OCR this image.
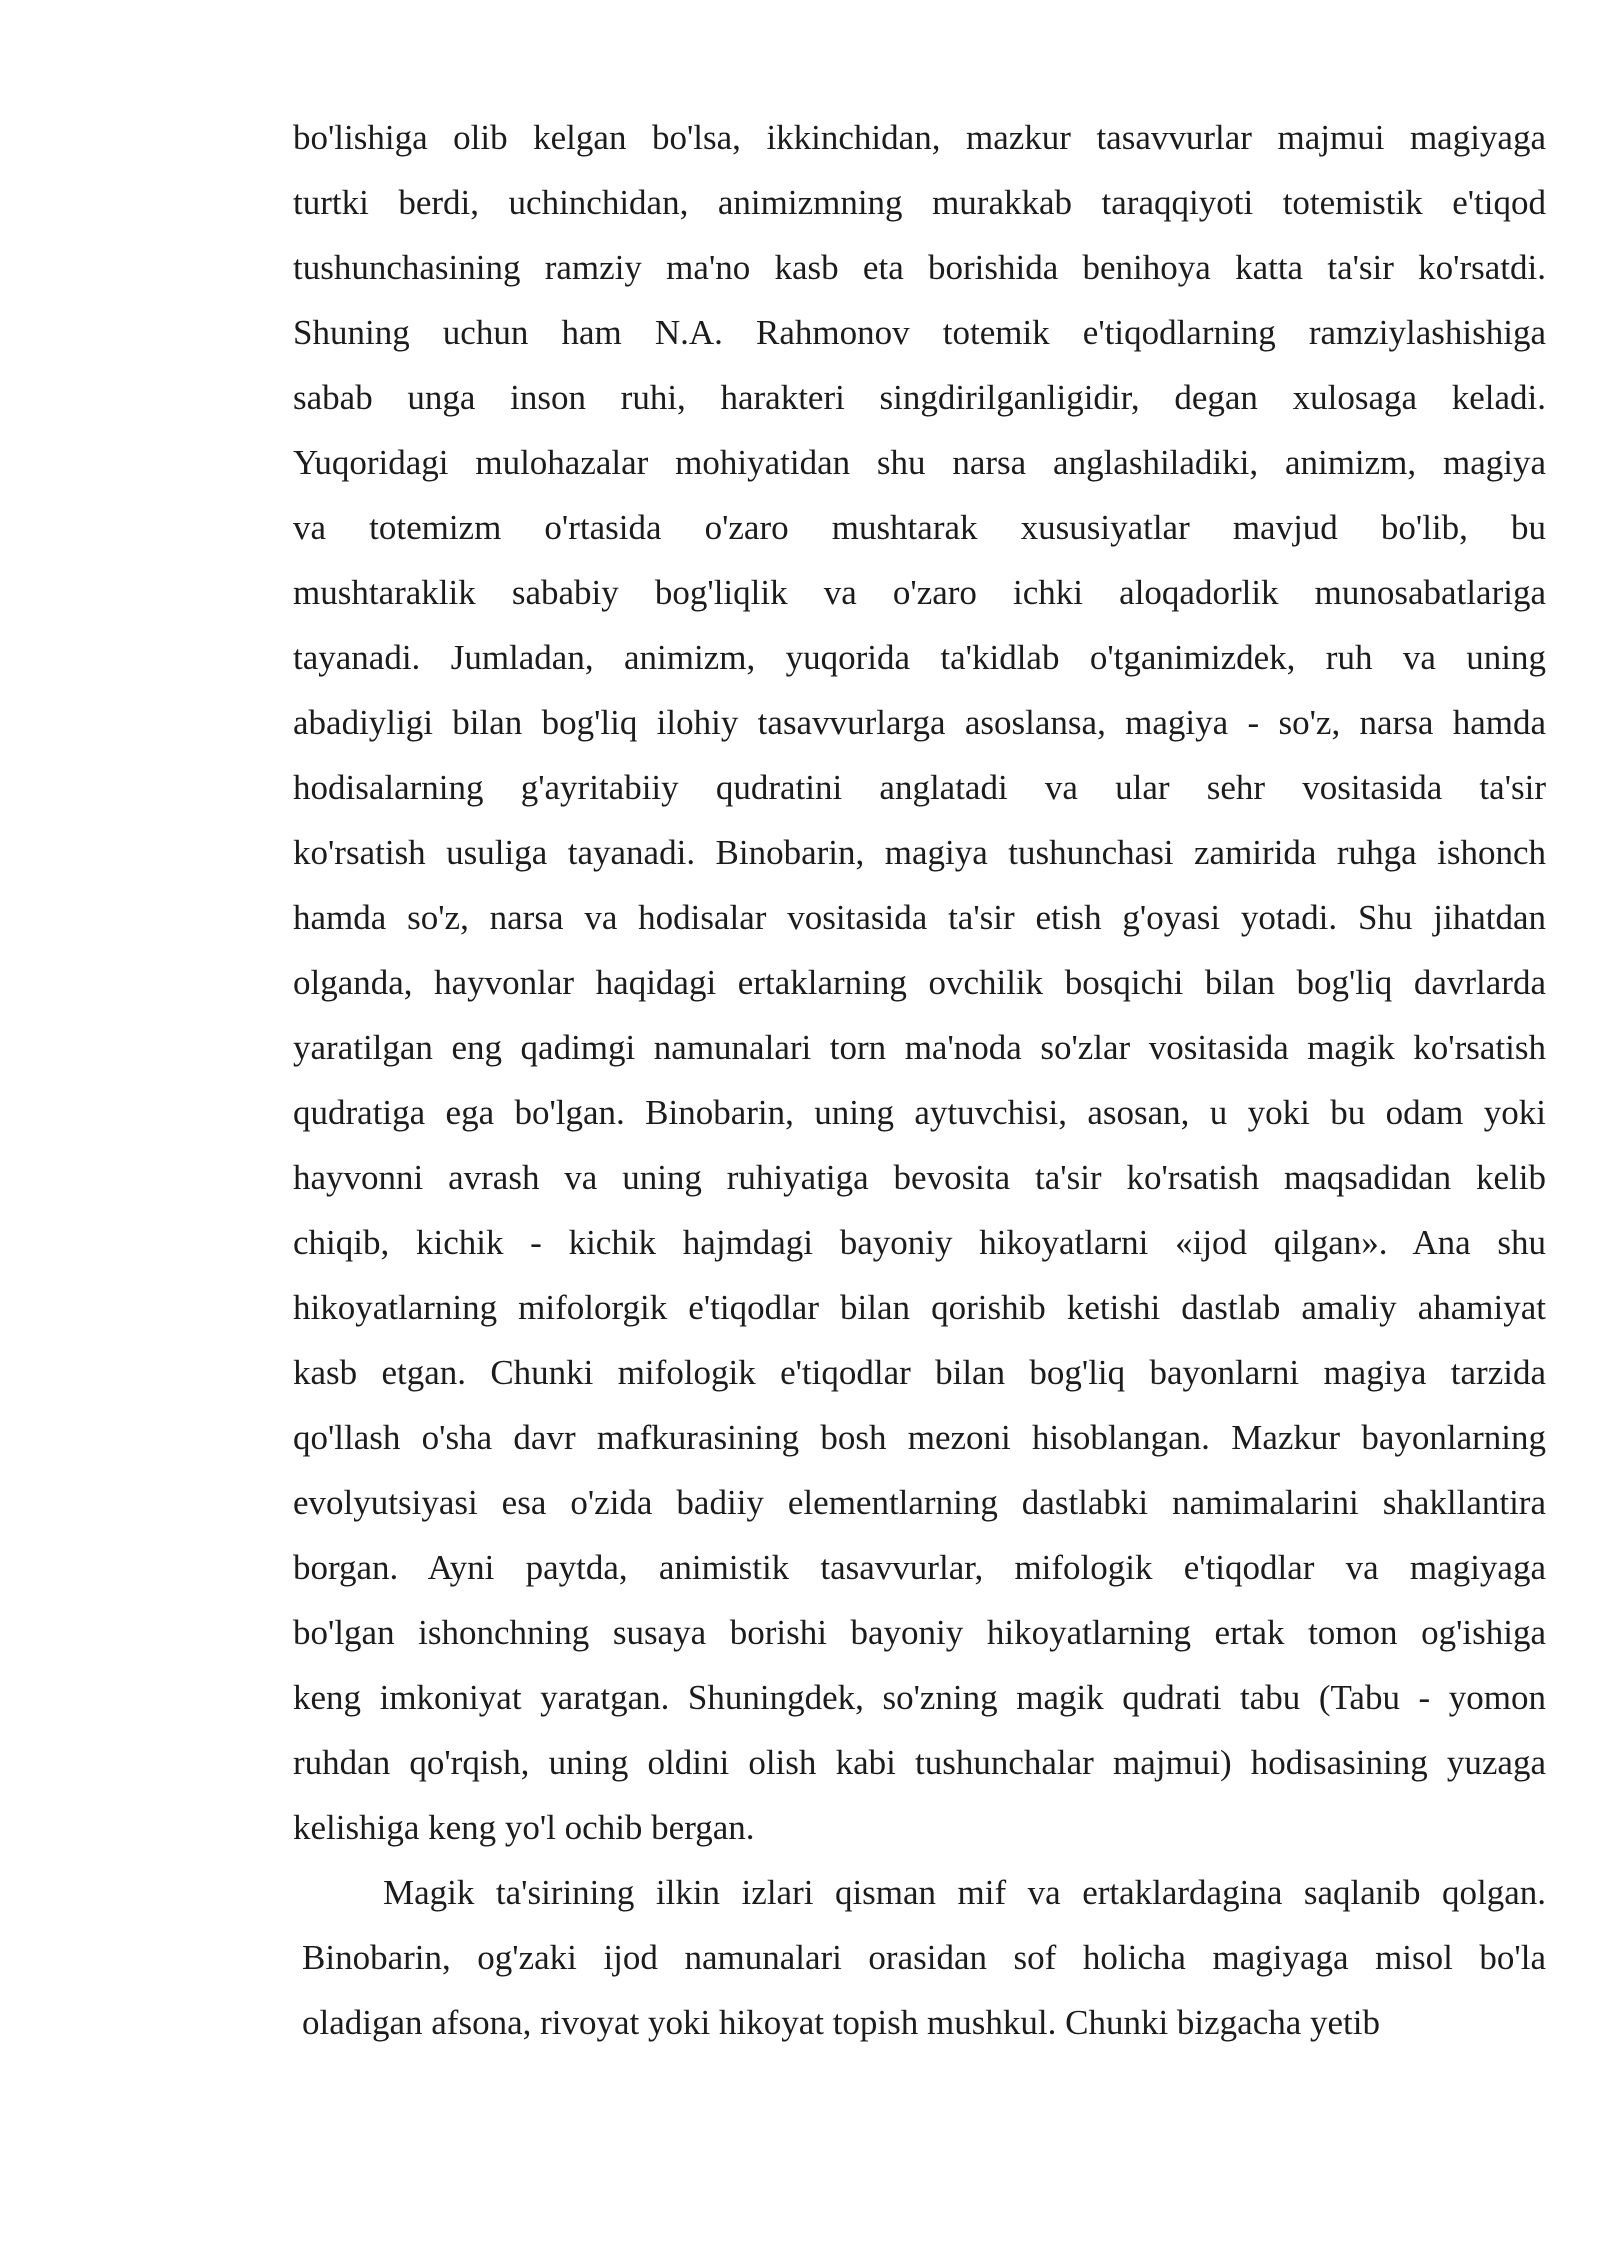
bo'lishiga olib kelgan bo'lsa, ikkinchidan, mazkur tasavvurlar majmui magiyaga
turtki berdi, uchinchidan, animizmning murakkab taraqqiyoti totemistik e'tiqod
tushunchasining ramziy ma'no kasb eta borishida benihoya katta ta'sir ko'rsatdi.
Shuning uchun ham N.A. Rahmonov totemik e'tiqodlarning ramziylashishiga
sabab unga inson ruhi, harakteri singdirilganligidir, degan xulosaga keladi.
Yuqoridagi mulohazalar mohiyatidan shu narsa anglashiladiki, animizm, magiya
va totemizm o'rtasida o'zaro mushtarak xususiyatlar mavjud bo'lib, bu
mushtaraklik sababiy bog'liqlik va o'zaro ichki aloqadorlik munosabatlariga
tayanadi. Jumladan, animizm, yuqorida ta'kidlab o'tganimizdek, ruh va uning
abadiyligi bilan bog'liq ilohiy tasavvurlarga asoslansa, magiya - so'z, narsa hamda
hodisalarning g'ayritabiiy qudratini anglatadi va ular sehr vositasida ta'sir
ko'rsatish usuliga tayanadi. Binobarin, magiya tushunchasi zamirida ruhga ishonch
hamda so'z, narsa va hodisalar vositasida ta'sir etish g'oyasi yotadi. Shu jihatdan
olganda, hayvonlar haqidagi ertaklarning ovchilik bosqichi bilan bog'liq davrlarda
yaratilgan eng qadimgi namunalari torn ma'noda so'zlar vositasida magik ko'rsatish
qudratiga ega bo'lgan. Binobarin, uning aytuvchisi, asosan, u yoki bu odam yoki
hayvonni avrash va uning ruhiyatiga bevosita ta'sir ko'rsatish maqsadidan kelib
chiqib, kichik - kichik hajmdagi bayoniy hikoyatlarni «ijod qilgan». Ana shu
hikoyatlarning mifolorgik e'tiqodlar bilan qorishib ketishi dastlab amaliy ahamiyat
kasb etgan. Chunki mifologik e'tiqodlar bilan bog'liq bayonlarni magiya tarzida
qo'llash o'sha davr mafkurasining bosh mezoni hisoblangan. Mazkur bayonlarning
evolyutsiyasi esa o'zida badiiy elementlarning dastlabki namimalarini shakllantira
borgan. Ayni paytda, animistik tasavvurlar, mifologik e'tiqodlar va magiyaga
bo'lgan ishonchning susaya borishi bayoniy hikoyatlarning ertak tomon og'ishiga
keng imkoniyat yaratgan. Shuningdek, so'zning magik qudrati tabu (Tabu - yomon
ruhdan qo'rqish, uning oldini olish kabi tushunchalar majmui) hodisasining yuzaga
kelishiga keng yo'l ochib bergan.
Magik ta'sirining ilkin izlari qisman mif va ertaklardagina saqlanib qolgan.
Binobarin, og'zaki ijod namunalari orasidan sof holicha magiyaga misol bo'la
oladigan afsona, rivoyat yoki hikoyat topish mushkul. Chunki bizgacha yetib
